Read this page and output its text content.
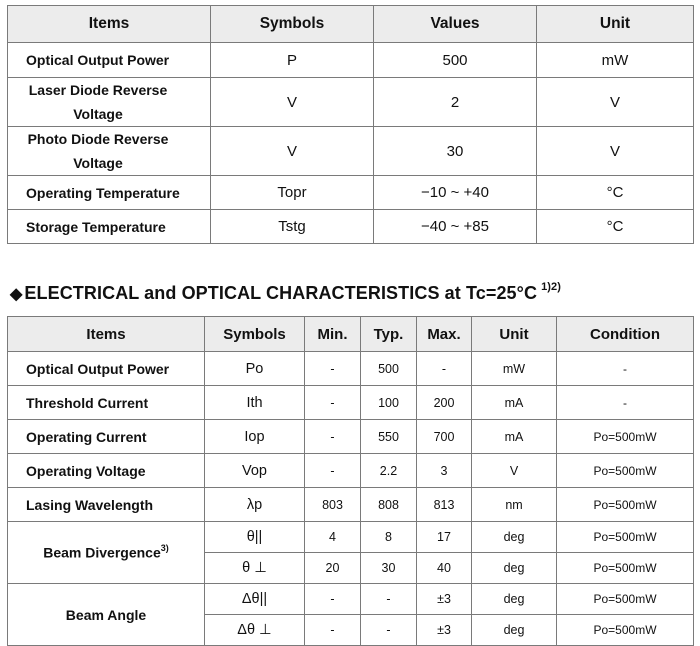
Items	Symbols	Values	Unit
Optical Output Power	P	500	mW

Laser Diode Reverse
Voltage	V	2	V

Photo Diode Reverse
Voltage	V	30	V
Operating Temperature	Topr	−10 ~ +40	°C
Storage Temperature	Tstg	−40 ~ +85	°C
◆ ELECTRICAL and OPTICAL CHARACTERISTICS at Tc=25°C $^{1)2)}$
Items	Symbols	Min.	Typ.	Max.	Unit	Condition
Optical Output Power	Po	-	500	-	mW	-
Threshold Current	Ith	-	100	200	mA	-
Operating Current	Iop	-	550	700	mA	Po=500mW
Operating Voltage	Vop	-	2.2	3	V	Po=500mW
Lasing Wavelength	λp	803	808	813	nm	Po=500mW
Beam Divergence$^{3)}$	θ||	4	8	17	deg	Po=500mW
	θ ⊥	20	30	40	deg	Po=500mW
Beam Angle	Δθ||	-	-	±3	deg	Po=500mW
	Δθ ⊥	-	-	±3	deg	Po=500mW
